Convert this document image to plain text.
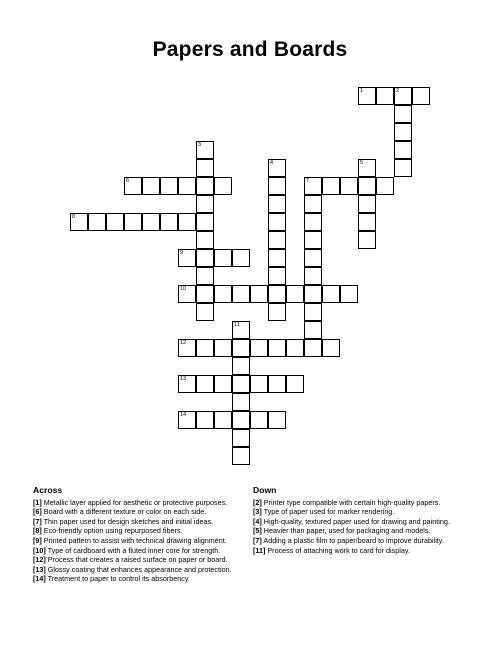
Papers and Boards
1	2
3
4	5
6	7
8
9
10
11
12
13
14
Across

[1] Metallic layer applied for aesthetic or protective purposes.

[6] Board with a different texture or color on each side.

[7] Thin paper used for design sketches and initial ideas.

[8] Eco-friendly option using repurposed fibers.

[9] Printed pattern to assist with technical drawing alignment.

[10] Type of cardboard with a fluted inner core for strength.

[12] Process that creates a raised surface on paper or board.

[13] Glossy coating that enhances appearance and protection.

[14] Treatment to paper to control its absorbency.

Down

[2] Printer type compatible with certain high-quality papers.

[3] Type of paper used for marker rendering.

[4] High-quality, textured paper used for drawing and painting.

[5] Heavier than paper, used for packaging and models.

[7] Adding a plastic film to paper/board to improve durability.

[11] Process of attaching work to card for display.
